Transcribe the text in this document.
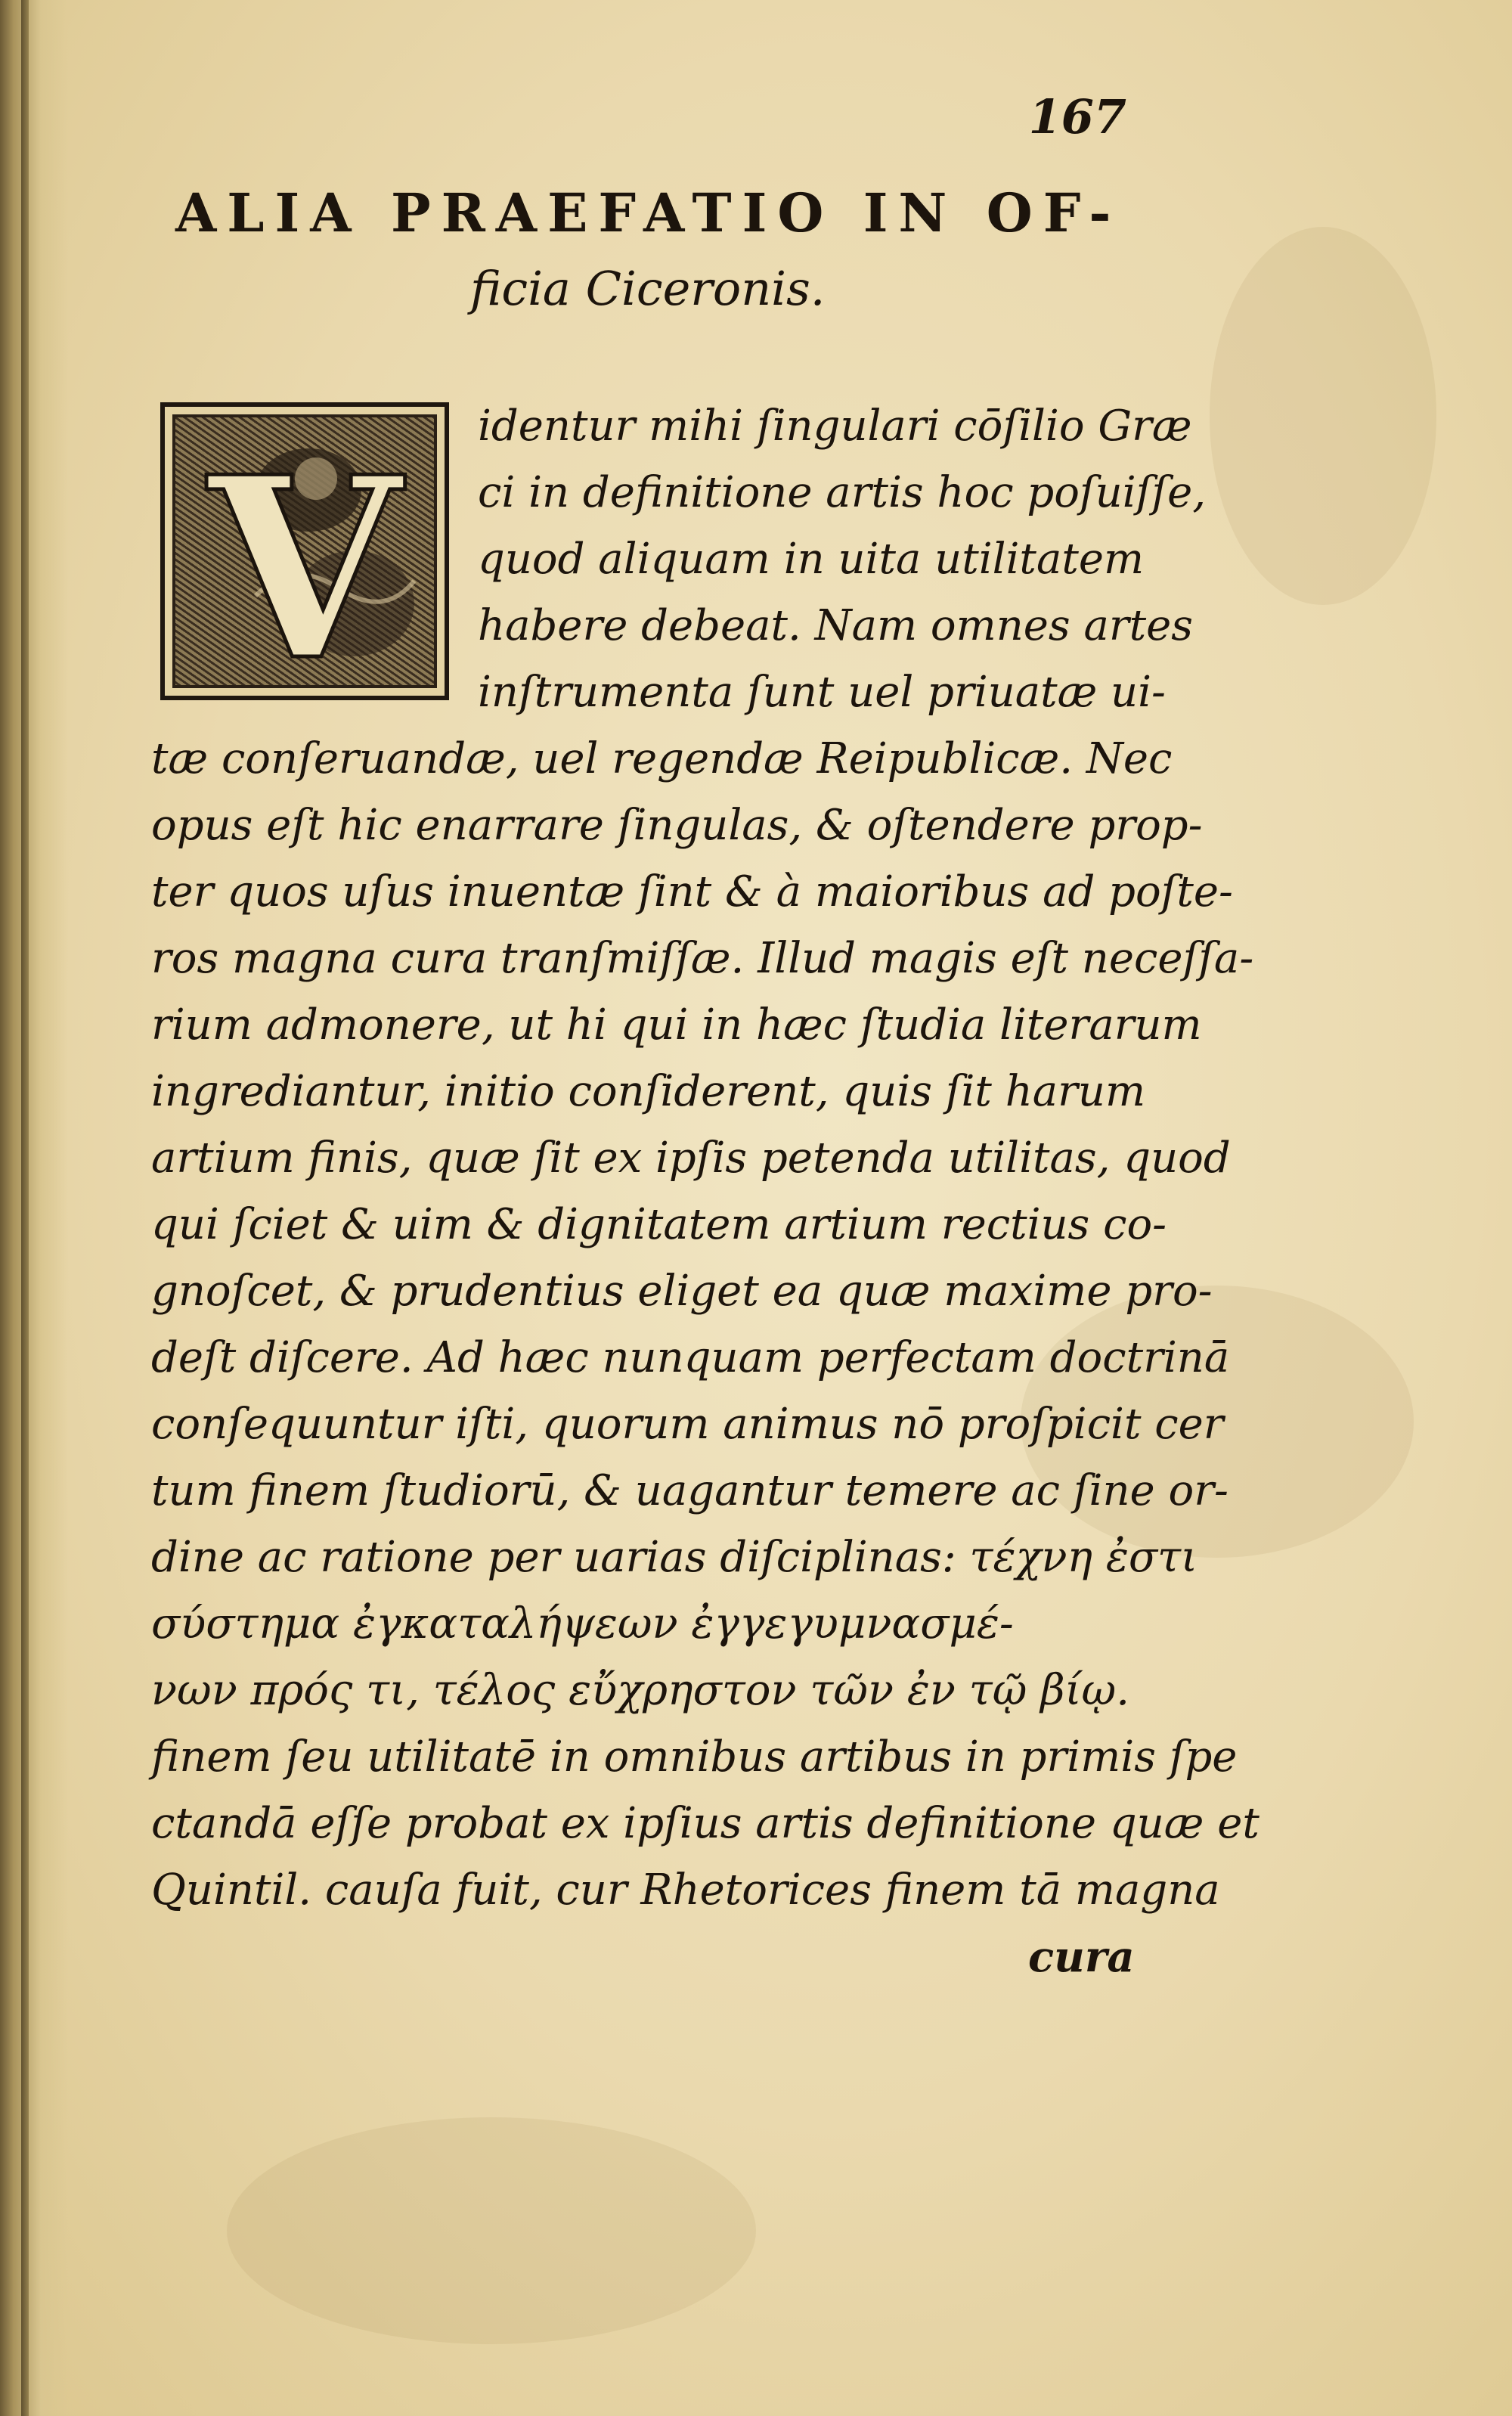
167
ALIA PRAEFATIO IN OF-
ficia Ciceronis.
V identur mihi ſingulari cōſilio Græ
ci in definitione artis hoc poſuiſſe,
quod aliquam in uita utilitatem
habere debeat. Nam omnes artes
inſtrumenta ſunt uel priuatæ ui-
tæ conſeruandæ, uel regendæ Reipublicæ. Nec
opus eſt hic enarrare ſingulas, & oſtendere prop-
ter quos uſus inuentæ ſint & à maioribus ad poſte-
ros magna cura tranſmiſſæ. Illud magis eſt neceſſa-
rium admonere, ut hi qui in hæc ſtudia literarum
ingrediantur, initio conſiderent, quis ſit harum
artium finis, quæ ſit ex ipſis petenda utilitas, quod
qui ſciet & uim & dignitatem artium rectius co-
gnoſcet, & prudentius eliget ea quæ maxime pro-
deſt diſcere. Ad hæc nunquam perfectam doctrinā
conſequuntur iſti, quorum animus nō proſpicit cer
tum finem ſtudiorū, & uagantur temere ac ſine or-
dine ac ratione per uarias diſciplinas: τέχνη ἐστι
σύστημα ἐγκαταλήψεων ἐγγεγυμνασμέ-
νων πρός τι, τέλος εὔχρηστον τῶν ἐν τῷ βίῳ.
finem ſeu utilitatē in omnibus artibus in primis ſpe
ctandā eſſe probat ex ipſius artis definitione quæ et
Quintil. cauſa fuit, cur Rhetorices finem tā magna
cura
